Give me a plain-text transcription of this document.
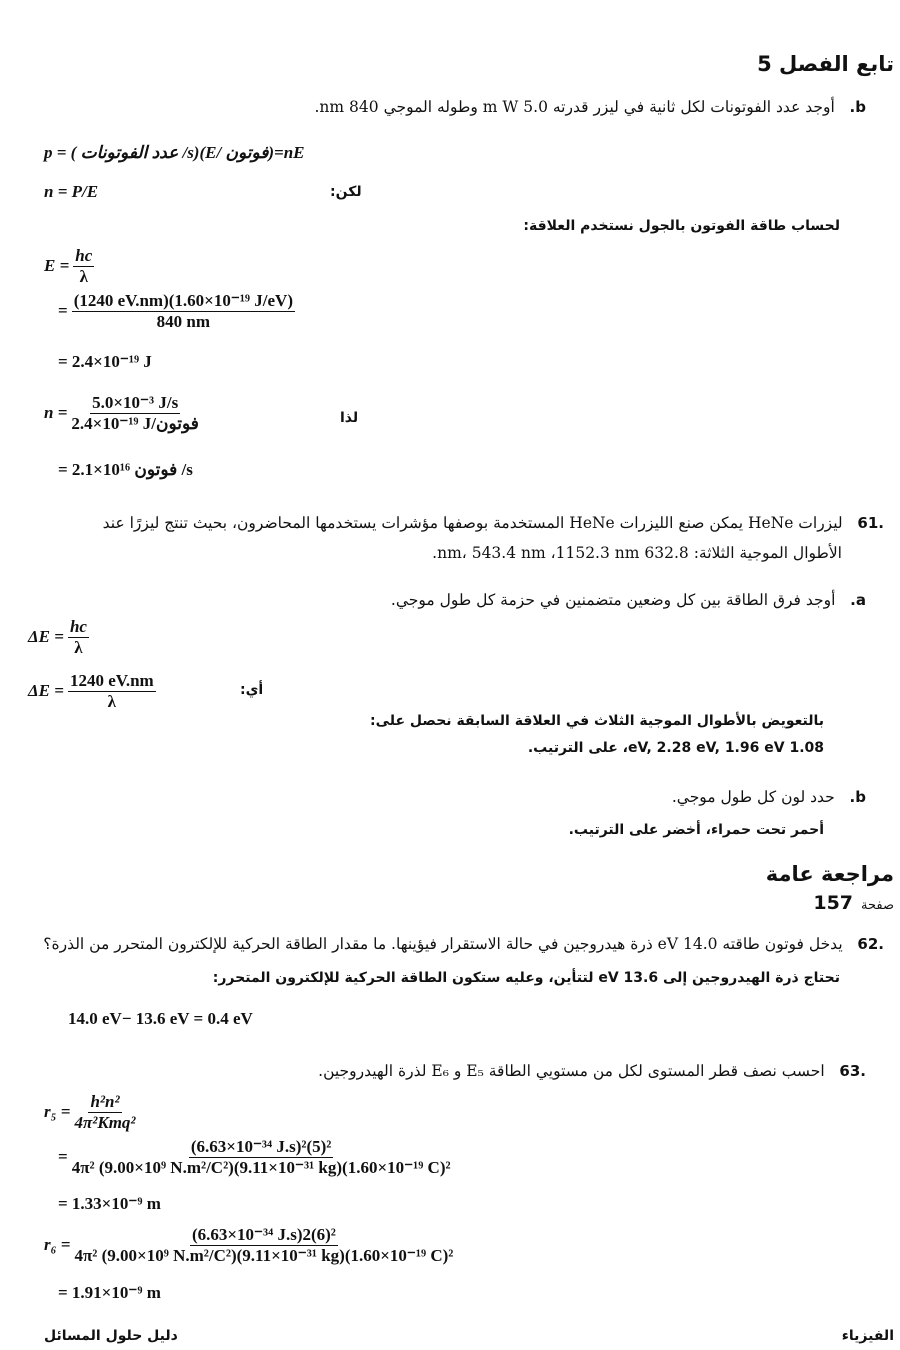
تابع الفصل 5
b.   أوجد عدد الفوتونات لكل ثانية في ليزر قدرته 5.0 m W وطوله الموجي 840 nm.
p = ( عدد الفوتونات /s)(E/ فوتون)=nE
n = P/E	لكن:
لحساب طاقة الفوتون بالجول نستخدم العلاقة:
$E = \frac{hc}{\lambda}$
= $\frac{\text{(1240 eV.nm)(1.60×10⁻¹⁹ J/eV)}}{840 nm}$
= 2.4×10⁻¹⁹ J
$n = \frac{\text{5.0×10⁻³ J/s}}{\text{2.4×10⁻¹⁹ J/فوتون}}$	لذا
= 2.1×10¹⁶ فوتون /s
.61   ليزرات HeNe يمكن صنع الليزرات HeNe المستخدمة بوصفها مؤشرات يستخدمها المحاضرون، بحيث تنتج ليزرًا عند
الأطوال الموجية الثلاثة: 632.8 nm، 543.4 nm ،1152.3 nm.
a.   أوجد فرق الطاقة بين كل وضعين متضمنين في حزمة كل طول موجي.
$\Delta E = \frac{hc}{\lambda}$
$\Delta E = \frac{1240 eV.nm}{\lambda}$	أي:
بالتعويض بالأطوال الموجية الثلاث في العلاقة السابقة نحصل على:
1.08 eV, 2.28 eV, 1.96 eV، على الترتيب.
b.   حدد لون كل طول موجي.
أحمر تحت حمراء، أخضر على الترتيب.
مراجعة عامة
صفحة
157
.62   يدخل فوتون طاقته 14.0 eV ذرة هيدروجين في حالة الاستقرار فيؤينها. ما مقدار الطاقة الحركية للإلكترون المتحرر من الذرة؟
تحتاج ذرة الهيدروجين إلى 13.6 eV لتتأين، وعليه ستكون الطاقة الحركية للإلكترون المتحرر:
14.0 eV− 13.6 eV = 0.4 eV
.63   احسب نصف قطر المستوى لكل من مستويي الطاقة E₅ و E₆ لذرة الهيدروجين.
$r_5 = \frac{\text{h²n²}}{\text{4π²Kmq²}}$
= $\frac{\text{(6.63×10⁻³⁴ J.s)²(5)²}}{\text{4π² (9.00×10⁹ N.m²/C²)(9.11×10⁻³¹ kg)(1.60×10⁻¹⁹ C)²}}$
= 1.33×10⁻⁹ m
$r_6 = \frac{\text{(6.63×10⁻³⁴ J.s)2(6)²}}{\text{4π² (9.00×10⁹ N.m²/C²)(9.11×10⁻³¹ kg)(1.60×10⁻¹⁹ C)²}}$
= 1.91×10⁻⁹ m
دليل حلول المسائل	الفيزياء
